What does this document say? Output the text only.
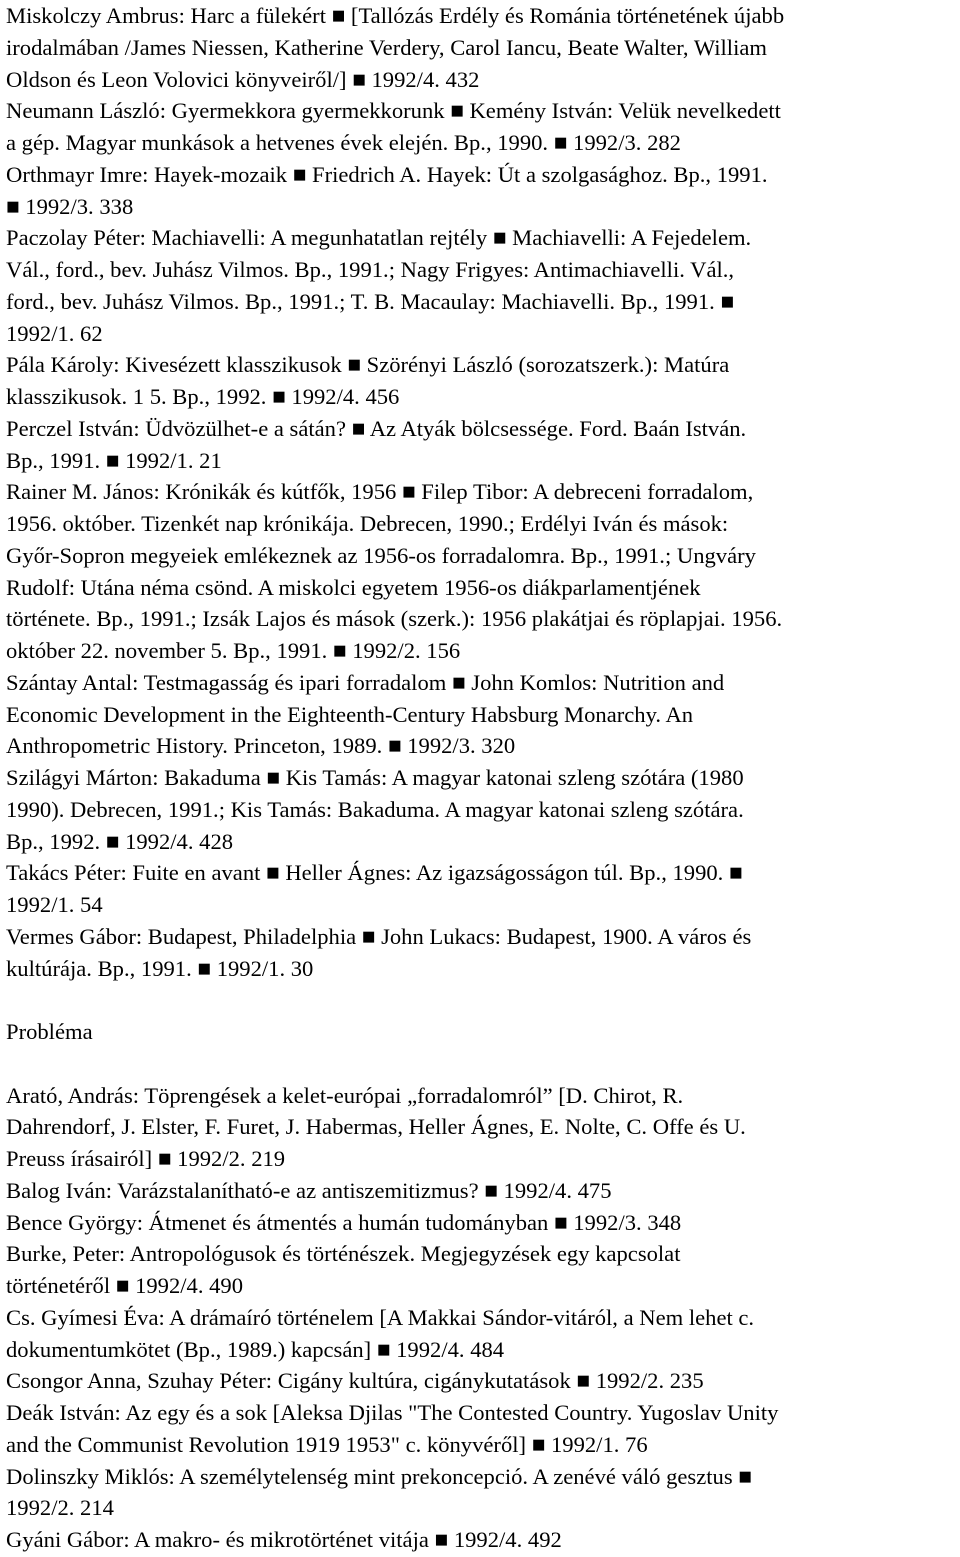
Miskolczy Ambrus: Harc a fülekért ■ [Tallózás Erdély és Románia történetének újabb
irodalmában /James Niessen, Katherine Verdery, Carol Iancu, Beate Walter, William
Oldson és Leon Volovici könyveiről/] ■ 1992/4. 432
Neumann László: Gyermekkora gyermekkorunk ■ Kemény István: Velük nevelkedett
a gép. Magyar munkások a hetvenes évek elején. Bp., 1990. ■ 1992/3. 282
Orthmayr Imre: Hayek-mozaik ■ Friedrich A. Hayek: Út a szolgasághoz. Bp., 1991.
■ 1992/3. 338
Paczolay Péter: Machiavelli: A megunhatatlan rejtély ■ Machiavelli: A Fejedelem.
Vál., ford., bev. Juhász Vilmos. Bp., 1991.; Nagy Frigyes: Antimachiavelli. Vál.,
ford., bev. Juhász Vilmos. Bp., 1991.; T. B. Macaulay: Machiavelli. Bp., 1991. ■
1992/1. 62
Pála Károly: Kivesézett klasszikusok ■ Szörényi László (sorozatszerk.): Matúra
klasszikusok. 1 5. Bp., 1992. ■ 1992/4. 456
Perczel István: Üdvözülhet-e a sátán? ■ Az Atyák bölcsessége. Ford. Baán István.
Bp., 1991. ■ 1992/1. 21
Rainer M. János: Krónikák és kútfők, 1956 ■ Filep Tibor: A debreceni forradalom,
1956. október. Tizenkét nap krónikája. Debrecen, 1990.; Erdélyi Iván és mások:
Győr-Sopron megyeiek emlékeznek az 1956-os forradalomra. Bp., 1991.; Ungváry
Rudolf: Utána néma csönd. A miskolci egyetem 1956-os diákparlamentjének
története. Bp., 1991.; Izsák Lajos és mások (szerk.): 1956 plakátjai és röplapjai. 1956.
október 22. november 5. Bp., 1991. ■ 1992/2. 156
Szántay Antal: Testmagasság és ipari forradalom ■ John Komlos: Nutrition and
Economic Development in the Eighteenth-Century Habsburg Monarchy. An
Anthropometric History. Princeton, 1989. ■ 1992/3. 320
Szilágyi Márton: Bakaduma ■ Kis Tamás: A magyar katonai szleng szótára (1980
1990). Debrecen, 1991.; Kis Tamás: Bakaduma. A magyar katonai szleng szótára.
Bp., 1992. ■ 1992/4. 428
Takács Péter: Fuite en avant ■ Heller Ágnes: Az igazságosságon túl. Bp., 1990. ■
1992/1. 54
Vermes Gábor: Budapest, Philadelphia ■ John Lukacs: Budapest, 1900. A város és
kultúrája. Bp., 1991. ■ 1992/1. 30
Probléma
Arató, András: Töprengések a kelet-európai „forradalomról” [D. Chirot, R.
Dahrendorf, J. Elster, F. Furet, J. Habermas, Heller Ágnes, E. Nolte, C. Offe és U.
Preuss írásairól] ■ 1992/2. 219
Balog Iván: Varázstalanítható-e az antiszemitizmus? ■ 1992/4. 475
Bence György: Átmenet és átmentés a humán tudományban ■ 1992/3. 348
Burke, Peter: Antropológusok és történészek. Megjegyzések egy kapcsolat
történetéről ■ 1992/4. 490
Cs. Gyímesi Éva: A drámaíró történelem [A Makkai Sándor-vitáról, a Nem lehet c.
dokumentumkötet (Bp., 1989.) kapcsán] ■ 1992/4. 484
Csongor Anna, Szuhay Péter: Cigány kultúra, cigánykutatások ■ 1992/2. 235
Deák István: Az egy és a sok [Aleksa Djilas "The Contested Country. Yugoslav Unity
and the Communist Revolution 1919 1953" c. könyvéről] ■ 1992/1. 76
Dolinszky Miklós: A személytelenség mint prekoncepció. A zenévé váló gesztus ■
1992/2. 214
Gyáni Gábor: A makro- és mikrotörténet vitája ■ 1992/4. 492
